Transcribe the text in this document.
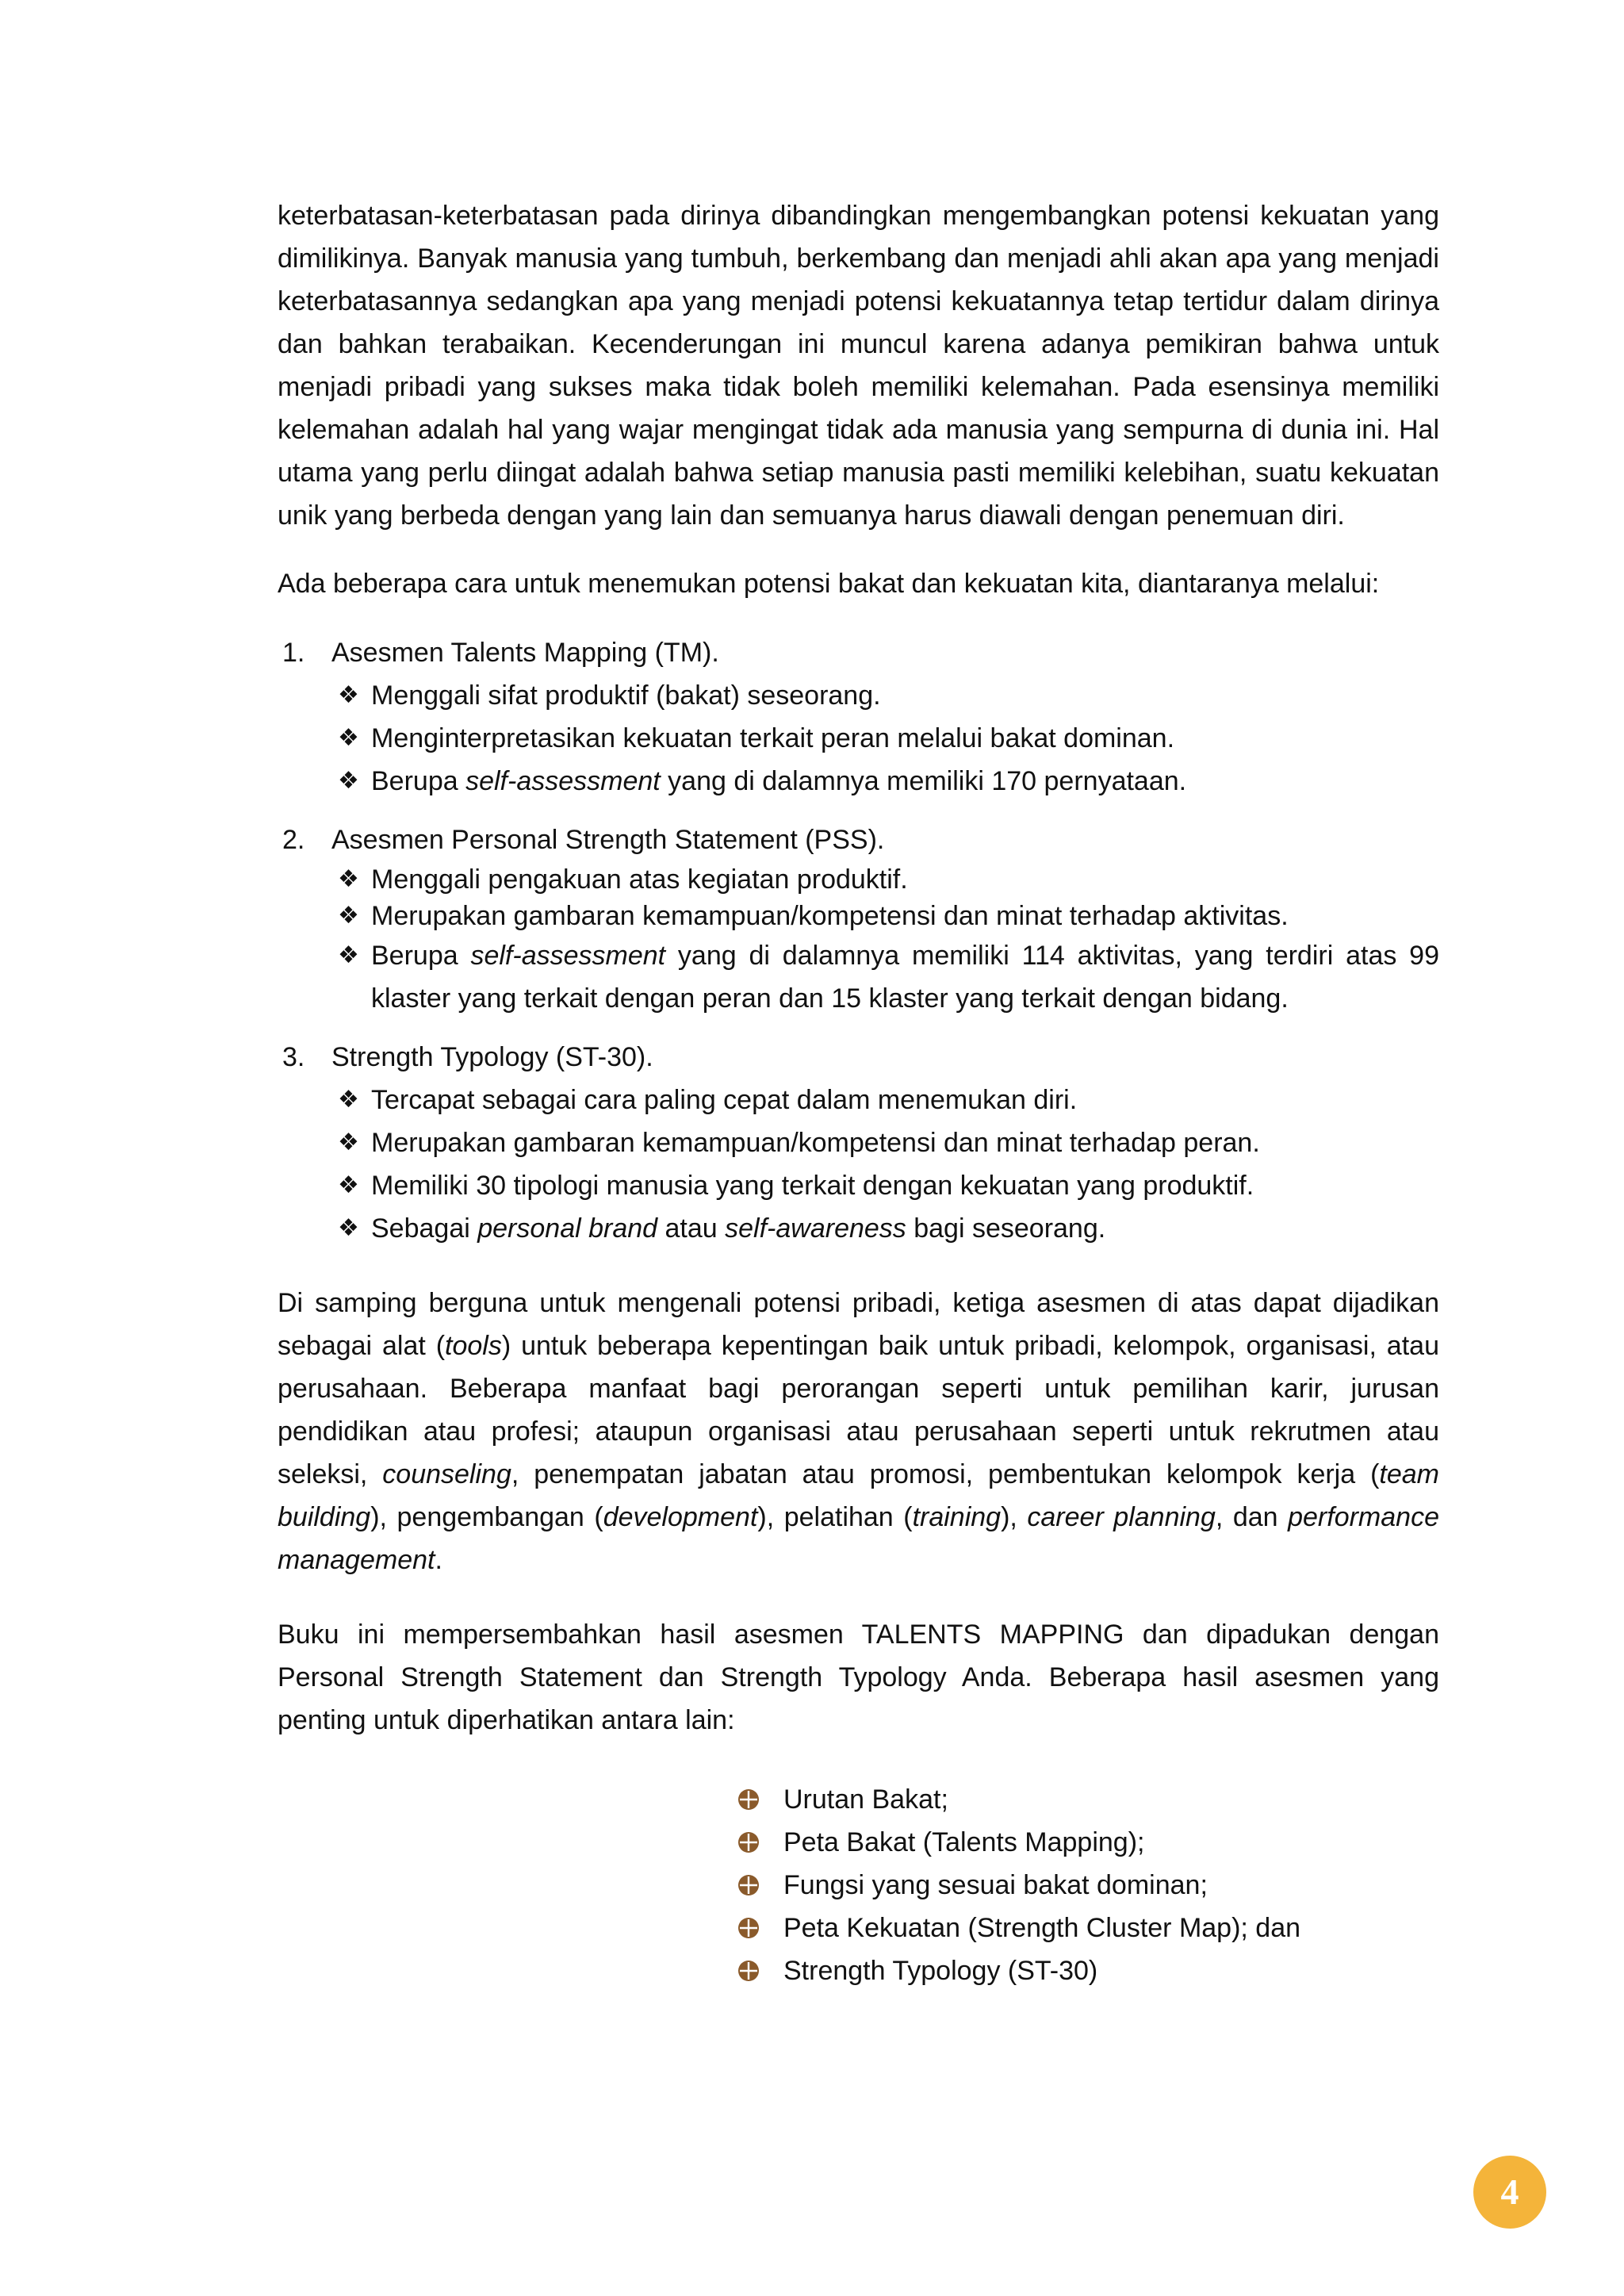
keterbatasan-keterbatasan pada dirinya dibandingkan mengembangkan potensi kekuatan yang dimilikinya. Banyak manusia yang tumbuh, berkembang dan menjadi ahli akan apa yang menjadi keterbatasannya sedangkan apa yang menjadi potensi kekuatannya tetap tertidur dalam dirinya dan bahkan terabaikan. Kecenderungan ini muncul karena adanya pemikiran bahwa untuk menjadi pribadi yang sukses maka tidak boleh memiliki kelemahan. Pada esensinya memiliki kelemahan adalah hal yang wajar mengingat tidak ada manusia yang sempurna di dunia ini. Hal utama yang perlu diingat adalah bahwa setiap manusia pasti memiliki kelebihan, suatu kekuatan unik yang berbeda dengan yang lain dan semuanya harus diawali dengan penemuan diri.

Ada beberapa cara untuk menemukan potensi bakat dan kekuatan kita, diantaranya melalui:

1. Asesmen Talents Mapping (TM).
❖ Menggali sifat produktif (bakat) seseorang.
❖ Menginterpretasikan kekuatan terkait peran melalui bakat dominan.
❖ Berupa self-assessment yang di dalamnya memiliki 170 pernyataan.
2. Asesmen Personal Strength Statement (PSS).
❖ Menggali pengakuan atas kegiatan produktif.
❖ Merupakan gambaran kemampuan/kompetensi dan minat terhadap aktivitas.
❖ Berupa self-assessment yang di dalamnya memiliki 114 aktivitas, yang terdiri atas 99 klaster yang terkait dengan peran dan 15 klaster yang terkait dengan bidang.
3. Strength Typology (ST-30).
❖ Tercapat sebagai cara paling cepat dalam menemukan diri.
❖ Merupakan gambaran kemampuan/kompetensi dan minat terhadap peran.
❖ Memiliki 30 tipologi manusia yang terkait dengan kekuatan yang produktif.
❖ Sebagai personal brand atau self-awareness bagi seseorang.

Di samping berguna untuk mengenali potensi pribadi, ketiga asesmen di atas dapat dijadikan sebagai alat (tools) untuk beberapa kepentingan baik untuk pribadi, kelompok, organisasi, atau perusahaan. Beberapa manfaat bagi perorangan seperti untuk pemilihan karir, jurusan pendidikan atau profesi; ataupun organisasi atau perusahaan seperti untuk rekrutmen atau seleksi, counseling, penempatan jabatan atau promosi, pembentukan kelompok kerja (team building), pengembangan (development), pelatihan (training), career planning, dan performance management.

Buku ini mempersembahkan hasil asesmen TALENTS MAPPING dan dipadukan dengan Personal Strength Statement dan Strength Typology Anda. Beberapa hasil asesmen yang penting untuk diperhatikan antara lain:

Urutan Bakat;
Peta Bakat (Talents Mapping);
Fungsi yang sesuai bakat dominan;
Peta Kekuatan (Strength Cluster Map); dan
Strength Typology (ST-30)
4
